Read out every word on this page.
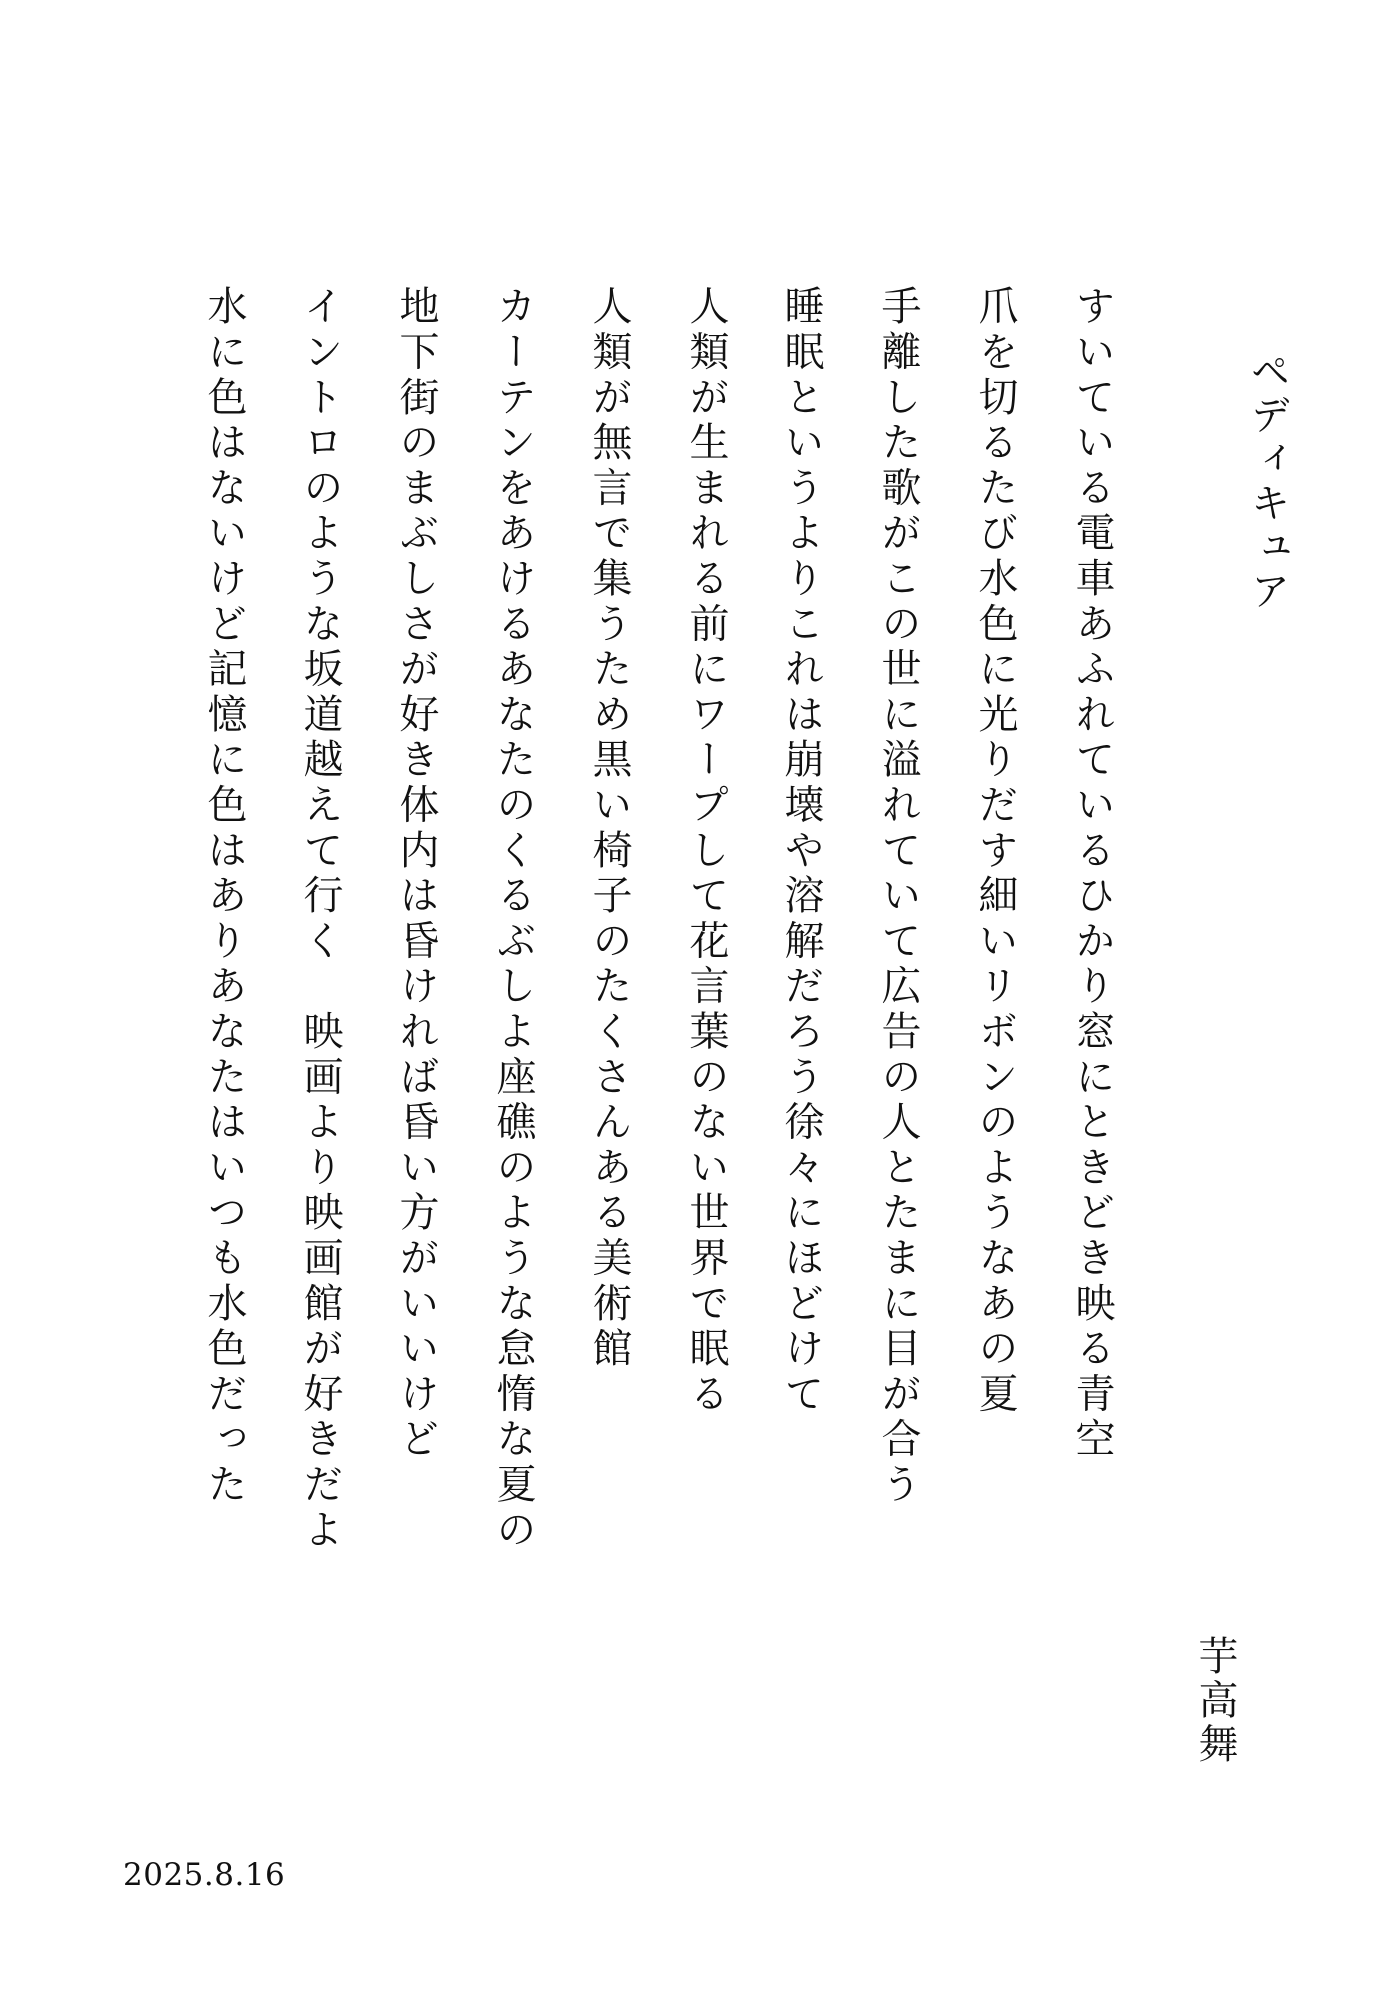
ペディキュア
すいている電車あふれているひかり窓にときどき映る青空
爪を切るたび水色に光りだす細いリボンのようなあの夏
手離した歌がこの世に溢れていて広告の人とたまに目が合う
睡眠というよりこれは崩壊や溶解だろう徐々にほどけて
人類が生まれる前にワープして花言葉のない世界で眠る
人類が無言で集うため黒い椅子のたくさんある美術館
カーテンをあけるあなたのくるぶしよ座礁のような怠惰な夏の
地下街のまぶしさが好き体内は昏ければ昏い方がいいけど
イントロのような坂道越えて行く　映画より映画館が好きだよ
水に色はないけど記憶に色はありあなたはいつも水色だった
芋高舞
2025.8.16
